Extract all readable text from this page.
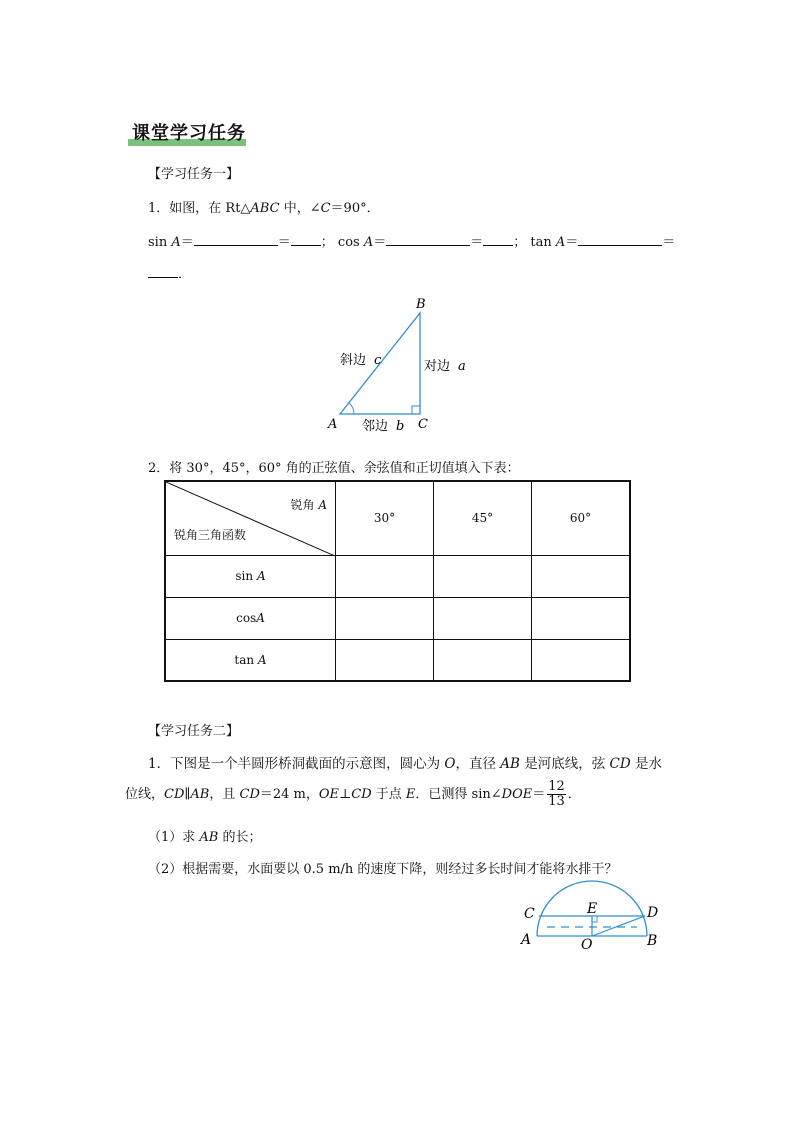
课堂学习任务
【学习任务一】
1．如图，在 Rt△ABC 中，∠C＝90°．
sin A＝	＝ ； cos A＝	＝ ； tan A＝	＝
．
B
A	C
斜边 c	对边 a
邻边 b
2．将 30°，45°，60° 角的正弦值、余弦值和正切值填入下表：
锐角 A
锐角三角函数	30°	45°	60°
sin A			
cosA			
tan A			
【学习任务二】
1．下图是一个半圆形桥洞截面的示意图，圆心为 O，直径 AB 是河底线，弦 CD 是水
位线，CD∥AB，且 CD＝24 m，OE⊥CD 于点 E．已测得 sin∠DOE＝ $\frac{12}{13}$ ．
（1）求 AB 的长；
（2）根据需要，水面要以 0.5 m/h 的速度下降，则经过多长时间才能将水排干？
C	E	D
A	O	B
